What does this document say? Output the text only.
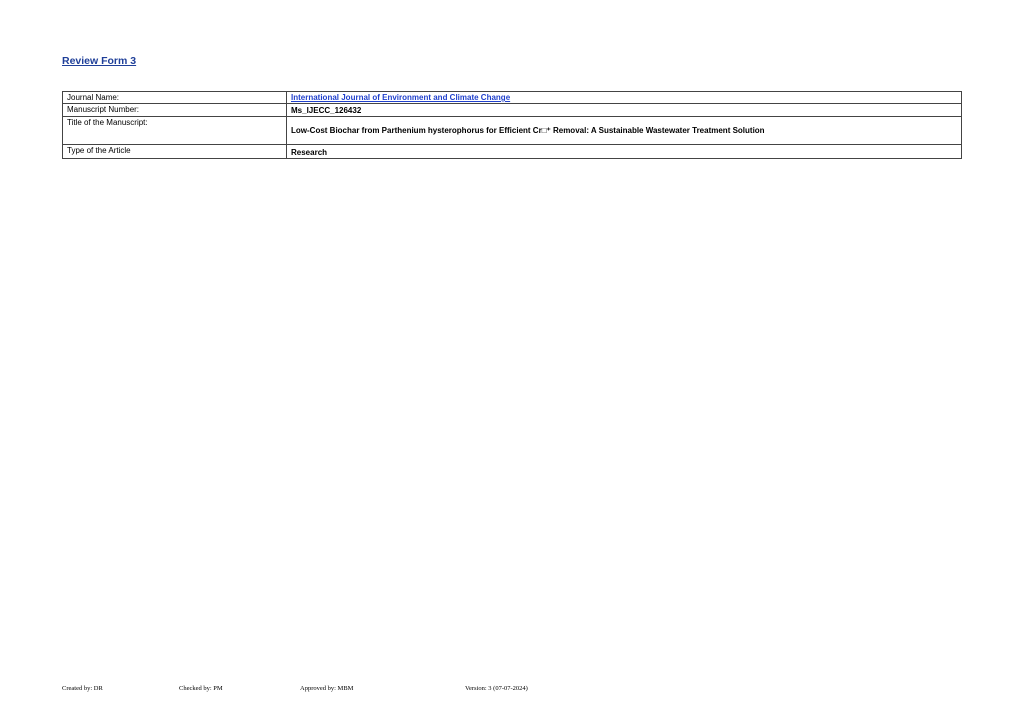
Review Form 3
Journal Name:	International Journal of Environment and Climate Change
Manuscript Number:	Ms_IJECC_126432

Title of the Manuscript:	Low-Cost Biochar from Parthenium hysterophorus for Efficient Cr□⁺ Removal: A Sustainable Wastewater Treatment Solution

Type of the Article	Research
Created by: DR	Checked by: PM	Approved by: MBM	Version: 3 (07-07-2024)
